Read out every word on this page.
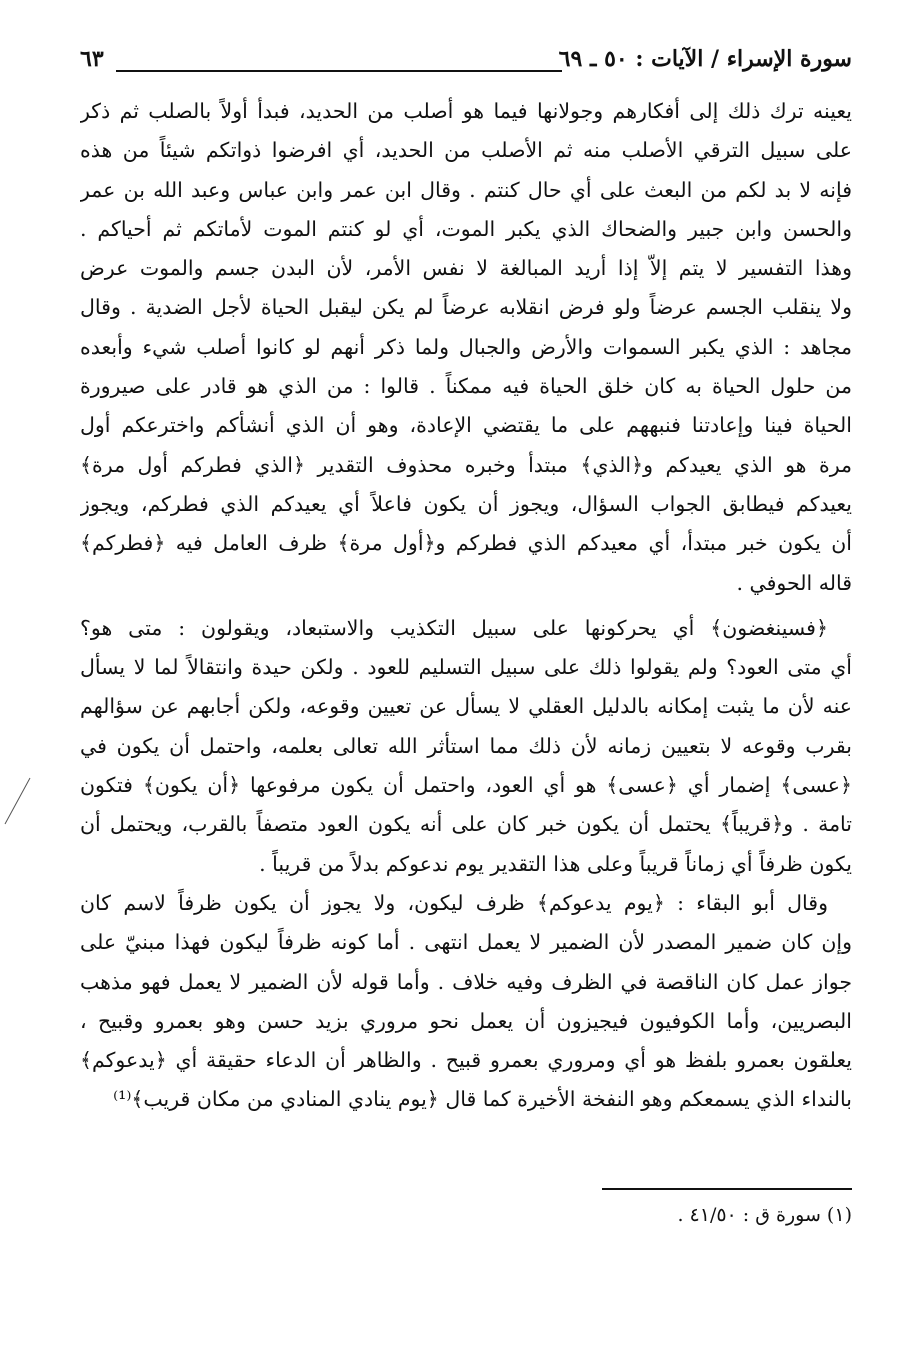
سورة الإسراء / الآيات : ٥٠ ـ ٦٩
٦٣

يعينه ترك ذلك إلى أفكارهم وجولانها فيما هو أصلب من الحديد، فبدأ أولاً بالصلب ثم ذكر
على سبيل الترقي الأصلب منه ثم الأصلب من الحديد، أي افرضوا ذواتكم شيئاً من هذه
فإنه لا بد لكم من البعث على أي حال كنتم . وقال ابن عمر وابن عباس وعبد الله بن عمر
والحسن وابن جبير والضحاك الذي يكبر الموت، أي لو كنتم الموت لأماتكم ثم أحياكم .
وهذا التفسير لا يتم إلاّ إذا أريد المبالغة لا نفس الأمر، لأن البدن جسم والموت عرض
ولا ينقلب الجسم عرضاً ولو فرض انقلابه عرضاً لم يكن ليقبل الحياة لأجل الضدية . وقال
مجاهد : الذي يكبر السموات والأرض والجبال ولما ذكر أنهم لو كانوا أصلب شيء وأبعده
من حلول الحياة به كان خلق الحياة فيه ممكناً . قالوا : من الذي هو قادر على صيرورة
الحياة فينا وإعادتنا فنبههم على ما يقتضي الإعادة، وهو أن الذي أنشأكم واخترعكم أول
مرة هو الذي يعيدكم و﴿الذي﴾ مبتدأ وخبره محذوف التقدير ﴿الذي فطركم أول مرة﴾
يعيدكم فيطابق الجواب السؤال، ويجوز أن يكون فاعلاً أي يعيدكم الذي فطركم، ويجوز
أن يكون خبر مبتدأ، أي معيدكم الذي فطركم و﴿أول مرة﴾ ظرف العامل فيه ﴿فطركم﴾
قاله الحوفي .

﴿فسينغضون﴾ أي يحركونها على سبيل التكذيب والاستبعاد، ويقولون : متى هو؟
أي متى العود؟ ولم يقولوا ذلك على سبيل التسليم للعود . ولكن حيدة وانتقالاً لما لا يسأل
عنه لأن ما يثبت إمكانه بالدليل العقلي لا يسأل عن تعيين وقوعه، ولكن أجابهم عن سؤالهم
بقرب وقوعه لا بتعيين زمانه لأن ذلك مما استأثر الله تعالى بعلمه، واحتمل أن يكون في
﴿عسى﴾ إضمار أي ﴿عسى﴾ هو أي العود، واحتمل أن يكون مرفوعها ﴿أن يكون﴾ فتكون
تامة . و﴿قريباً﴾ يحتمل أن يكون خبر كان على أنه يكون العود متصفاً بالقرب، ويحتمل أن
يكون ظرفاً أي زماناً قريباً وعلى هذا التقدير يوم ندعوكم بدلاً من قريباً .

وقال أبو البقاء : ﴿يوم يدعوكم﴾ ظرف ليكون، ولا يجوز أن يكون ظرفاً لاسم كان
وإن كان ضمير المصدر لأن الضمير لا يعمل انتهى . أما كونه ظرفاً ليكون فهذا مبنيّ على
جواز عمل كان الناقصة في الظرف وفيه خلاف . وأما قوله لأن الضمير لا يعمل فهو مذهب
البصريين، وأما الكوفيون فيجيزون أن يعمل نحو مروري بزيد حسن وهو بعمرو وقبيح ،
يعلقون بعمرو بلفظ هو أي ومروري بعمرو قبيح . والظاهر أن الدعاء حقيقة أي ﴿يدعوكم﴾
بالنداء الذي يسمعكم وهو النفخة الأخيرة كما قال ﴿يوم ينادي المنادي من مكان قريب﴾⁽¹⁾

(١) سورة ق : ٤١/٥٠ .
